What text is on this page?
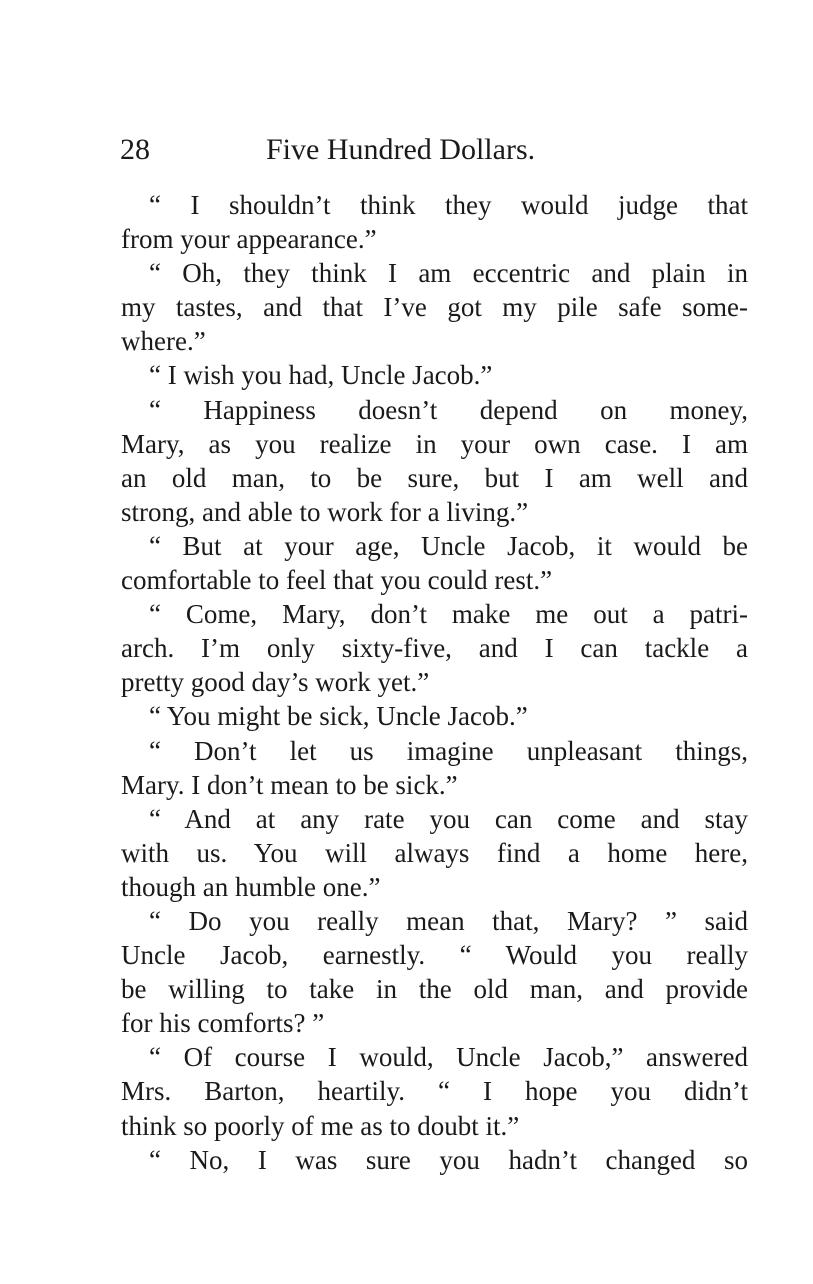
28	Five Hundred Dollars.
“ I shouldn’t think they would judge that
from your appearance.”
“ Oh, they think I am eccentric and plain in
my tastes, and that I’ve got my pile safe some-
where.”
“ I wish you had, Uncle Jacob.”
“ Happiness doesn’t depend on money,
Mary, as you realize in your own case. I am
an old man, to be sure, but I am well and
strong, and able to work for a living.”
“ But at your age, Uncle Jacob, it would be
comfortable to feel that you could rest.”
“ Come, Mary, don’t make me out a patri-
arch. I’m only sixty-five, and I can tackle a
pretty good day’s work yet.”
“ You might be sick, Uncle Jacob.”
“ Don’t let us imagine unpleasant things,
Mary. I don’t mean to be sick.”
“ And at any rate you can come and stay
with us. You will always find a home here,
though an humble one.”
“ Do you really mean that, Mary? ” said
Uncle Jacob, earnestly. “ Would you really
be willing to take in the old man, and provide
for his comforts? ”
“ Of course I would, Uncle Jacob,” answered
Mrs. Barton, heartily. “ I hope you didn’t
think so poorly of me as to doubt it.”
“ No, I was sure you hadn’t changed so
